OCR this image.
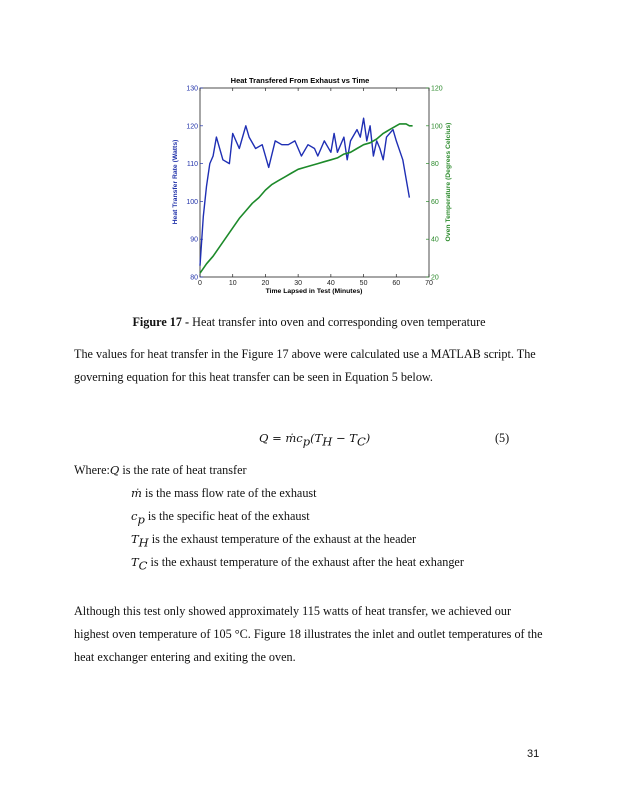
Heat Transfered From Exhaust vs Time
0	10	20	30	40	50	60	70
80
90
100
110
120
130
20
40
60
80
100
120
Time Lapsed in Test (Minutes)
Heat Transfer Rate (Watts)	Oven Temperature (Degrees Celcius)
Figure 17 - Heat transfer into oven and corresponding oven temperature
The values for heat transfer in the Figure 17 above were calculated use a MATLAB script. The
governing equation for this heat transfer can be seen in Equation 5 below.
$Q = ṁc_p(T_H - T_C)$	(5)
Where:Q is the rate of heat transfer
ṁ is the mass flow rate of the exhaust
$c_p$ is the specific heat of the exhaust
$T_H$ is the exhaust temperature of the exhaust at the header
$T_C$ is the exhaust temperature of the exhaust after the heat exhanger
Although this test only showed approximately 115 watts of heat transfer, we achieved our
highest oven temperature of 105 °C. Figure 18 illustrates the inlet and outlet temperatures of the
heat exchanger entering and exiting the oven.
31
